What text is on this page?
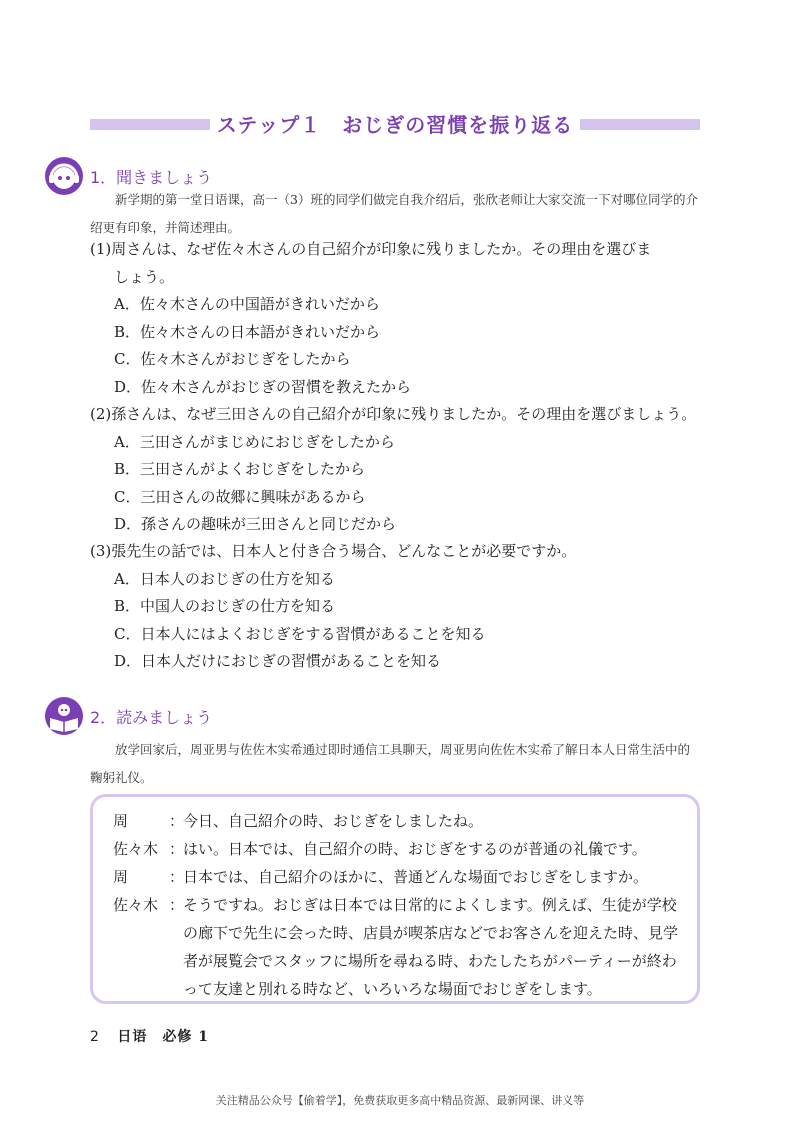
ステップ１　おじぎの習慣を振り返る
1．聞きましょう
新学期的第一堂日语课，高一（3）班的同学们做完自我介绍后，张欣老师让大家交流一下对哪位同学的介绍更有印象，并简述理由。
(1)周さんは、なぜ佐々木さんの自己紹介が印象に残りましたか。その理由を選びま
しょう。
A．佐々木さんの中国語がきれいだから
B．佐々木さんの日本語がきれいだから
C．佐々木さんがおじぎをしたから
D．佐々木さんがおじぎの習慣を教えたから
(2)孫さんは、なぜ三田さんの自己紹介が印象に残りましたか。その理由を選びましょう。
A．三田さんがまじめにおじぎをしたから
B．三田さんがよくおじぎをしたから
C．三田さんの故郷に興味があるから
D．孫さんの趣味が三田さんと同じだから
(3)張先生の話では、日本人と付き合う場合、どんなことが必要ですか。
A．日本人のおじぎの仕方を知る
B．中国人のおじぎの仕方を知る
C．日本人にはよくおじぎをする習慣があることを知る
D．日本人だけにおじぎの習慣があることを知る
2．読みましょう
放学回家后，周亚男与佐佐木实希通过即时通信工具聊天，周亚男向佐佐木实希了解日本人日常生活中的鞠躬礼仪。
周	：
今日、自己紹介の時、おじぎをしましたね。
佐々木 ：
はい。日本では、自己紹介の時、おじぎをするのが普通の礼儀です。
周	：
日本では、自己紹介のほかに、普通どんな場面でおじぎをしますか。
佐々木 ：
そうですね。おじぎは日本では日常的によくします。例えば、生徒が学校の廊下で先生に会った時、店員が喫茶店などでお客さんを迎えた時、見学者が展覧会でスタッフに場所を尋ねる時、わたしたちがパーティーが終わって友達と別れる時など、いろいろな場面でおじぎをします。
2 日语　必修 1
关注精品公众号【偷着学】，免费获取更多高中精品资源、最新网课、讲义等
